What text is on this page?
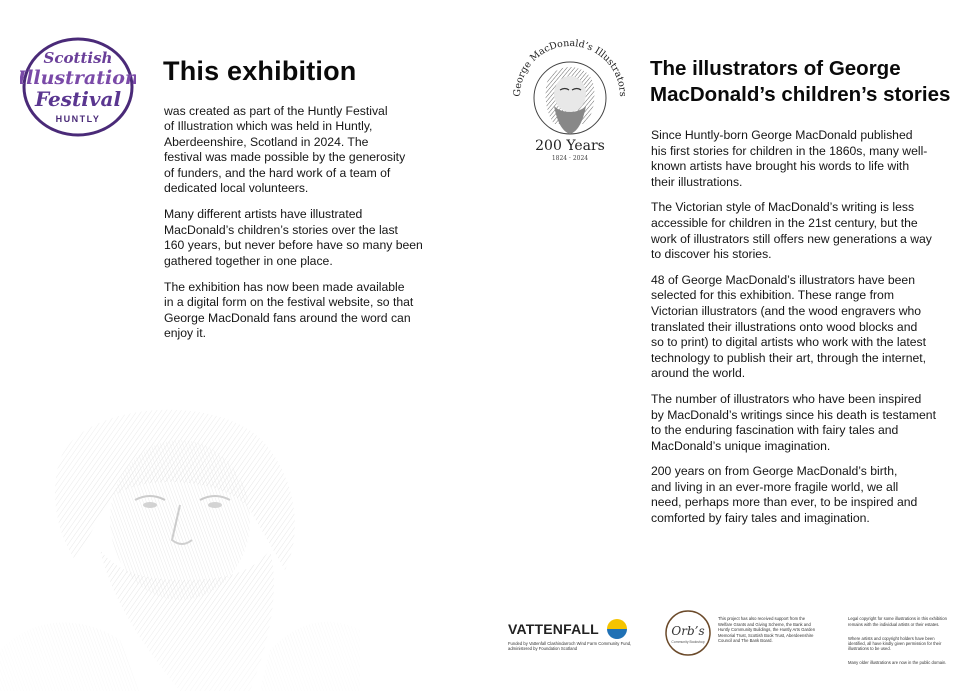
Scottish
Illustration
Festival
HUNTLY
This exhibition

was created as part of the Huntly Festival
of Illustration which was held in Huntly,
Aberdeenshire, Scotland in 2024. The
festival was made possible by the generosity
of funders, and the hard work of a team of
dedicated local volunteers.

Many different artists have illustrated
MacDonald’s children’s stories over the last
160 years, but never before have so many been
gathered together in one place.

The exhibition has now been made available
in a digital form on the festival website, so that
George MacDonald fans around the word can
enjoy it.

George MacDonald’s Illustrators
200 Years
1824 · 2024
The illustrators of George
MacDonald’s children’s stories

Since Huntly-born George MacDonald published
his first stories for children in the 1860s, many well-
known artists have brought his words to life with
their illustrations.

The Victorian style of MacDonald’s writing is less
accessible for children in the 21st century, but the
work of illustrators still offers new generations a way
to discover his stories.

48 of George MacDonald’s illustrators have been
selected for this exhibition. These range from
Victorian illustrators (and the wood engravers who
translated their illustrations onto wood blocks and
so to print) to digital artists who work with the latest
technology to publish their art, through the internet,
around the world.

The number of illustrators who have been inspired
by MacDonald’s writings since his death is testament
to the enduring fascination with fairy tales and
MacDonald’s unique imagination.

200 years on from George MacDonald’s birth,
and living in an ever-more fragile world, we all
need, perhaps more than ever, to be inspired and
comforted by fairy tales and imagination.

VATTENFALL
Funded by Vattenfall Clashindarroch Wind Farm Community Fund,
administered by Foundation Scotland
Orb’s
Community Bookshop

This project has also received support from the
Welfare Grants and Giving Scheme, the Bank and
Huntly Community Buildings, the Huntly Arts Garden
Memorial Trust, Scottish Book Trust, Aberdeenshire
Council and The Bank Board.

Legal copyright for some illustrations in this exhibition
remains with the individual artists or their estates.

Where artists and copyright holders have been
identified, all have kindly given permission for their
illustrations to be used.

Many older illustrations are now in the public domain.
